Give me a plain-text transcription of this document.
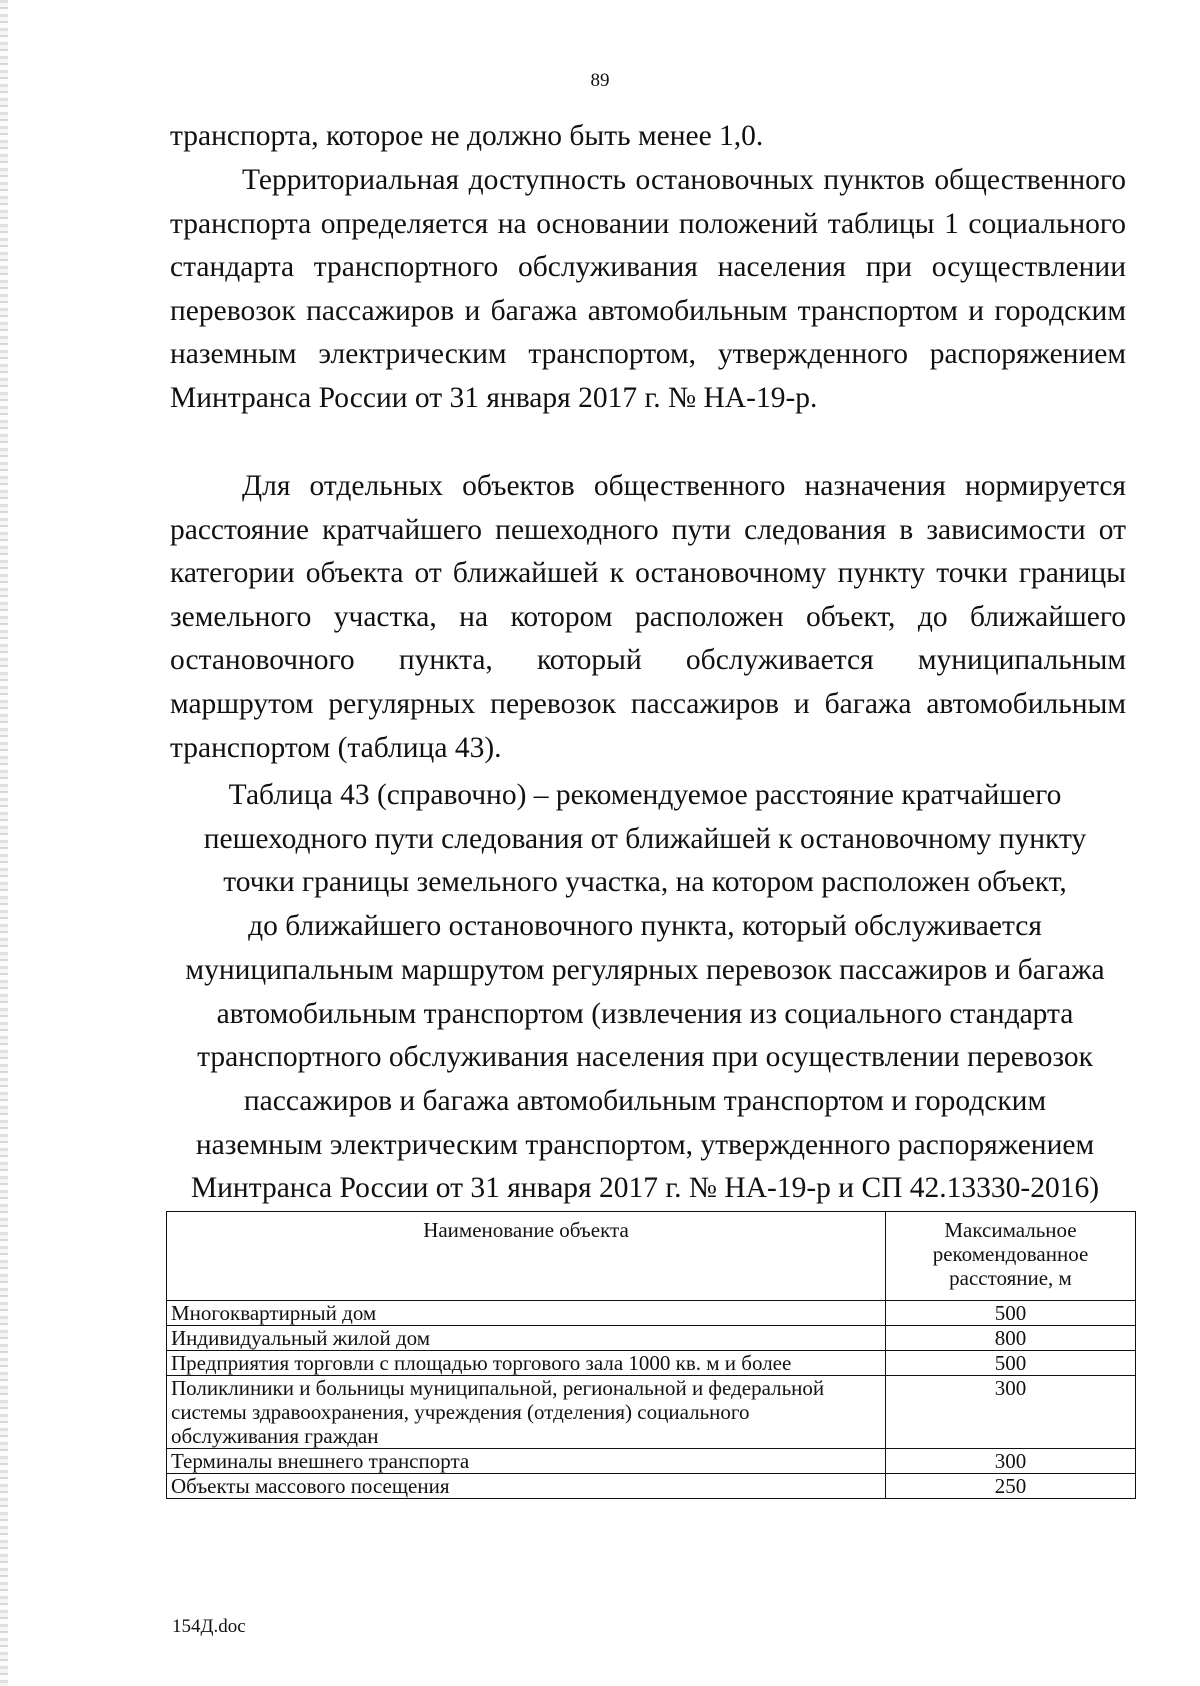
89

транспорта, которое не должно быть менее 1,0.

Территориальная доступность остановочных пунктов общественного транспорта определяется на основании положений таблицы 1 социального стандарта транспортного обслуживания населения при осуществлении перевозок пассажиров и багажа автомобильным транспортом и городским наземным электрическим транспортом, утвержденного распоряжением Минтранса России от 31 января 2017 г. № НА-19-р.

Для отдельных объектов общественного назначения нормируется расстояние кратчайшего пешеходного пути следования в зависимости от категории объекта от ближайшей к остановочному пункту точки границы земельного участка, на котором расположен объект, до ближайшего остановочного пункта, который обслуживается муниципальным маршрутом регулярных перевозок пассажиров и багажа автомобильным транспортом (таблица 43).

Таблица 43 (справочно) – рекомендуемое расстояние кратчайшего
пешеходного пути следования от ближайшей к остановочному пункту
точки границы земельного участка, на котором расположен объект,
до ближайшего остановочного пункта, который обслуживается
муниципальным маршрутом регулярных перевозок пассажиров и багажа
автомобильным транспортом (извлечения из социального стандарта
транспортного обслуживания населения при осуществлении перевозок
пассажиров и багажа автомобильным транспортом и городским
наземным электрическим транспортом, утвержденного распоряжением
Минтранса России от 31 января 2017 г. № НА-19-р и СП 42.13330-2016)
Наименование объекта	Максимальное рекомендованное расстояние, м
Многоквартирный дом	500
Индивидуальный жилой дом	800
Предприятия торговли с площадью торгового зала 1000 кв. м и более	500
Поликлиники и больницы муниципальной, региональной и федеральной системы здравоохранения, учреждения (отделения) социального обслуживания граждан	300
Терминалы внешнего транспорта	300
Объекты массового посещения	250
154Д.doc
